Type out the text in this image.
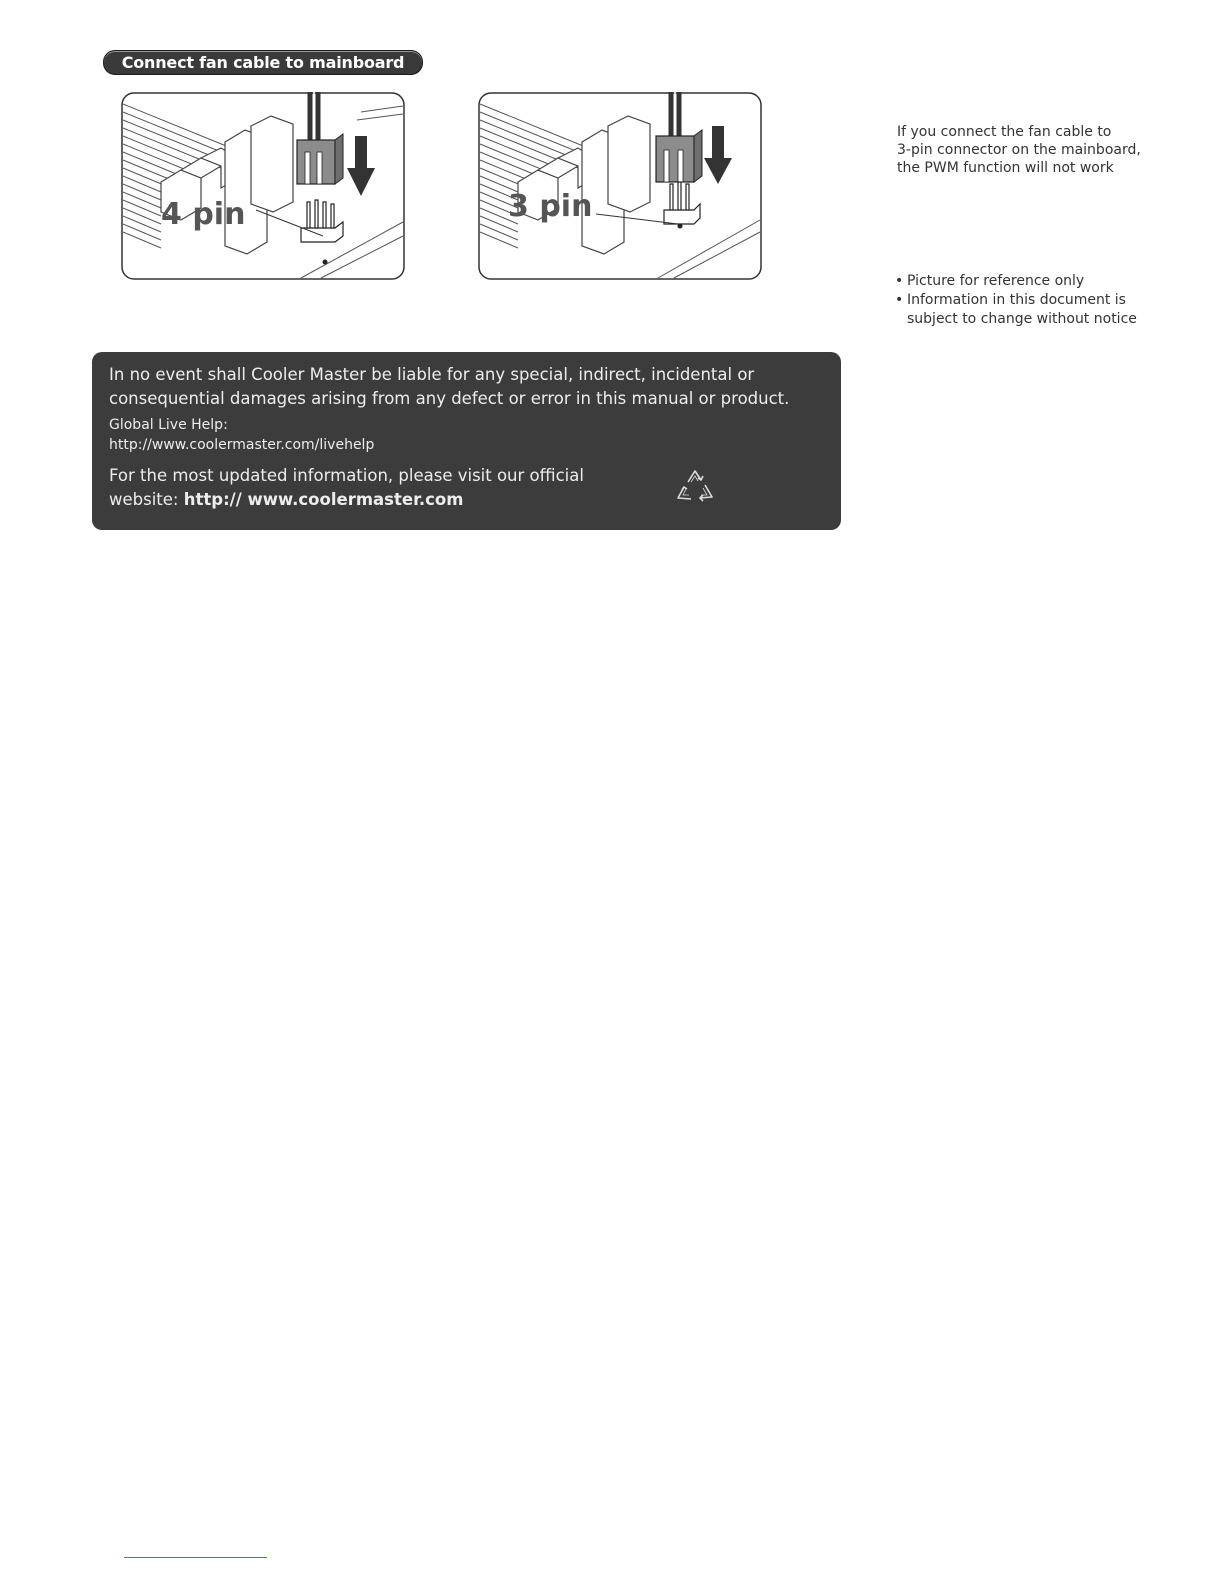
Connect fan cable to mainboard
4 pin	3 pin
If you connect the fan cable to
3-pin connector on the mainboard,
the PWM function will not work
• Picture for reference only
• Information in this document is
subject to change without notice
In no event shall Cooler Master be liable for any special, indirect, incidental or
consequential damages arising from any defect or error in this manual or product.
Global Live Help:
http://www.coolermaster.com/livehelp
For the most updated information, please visit our official
website: http:// www.coolermaster.com
